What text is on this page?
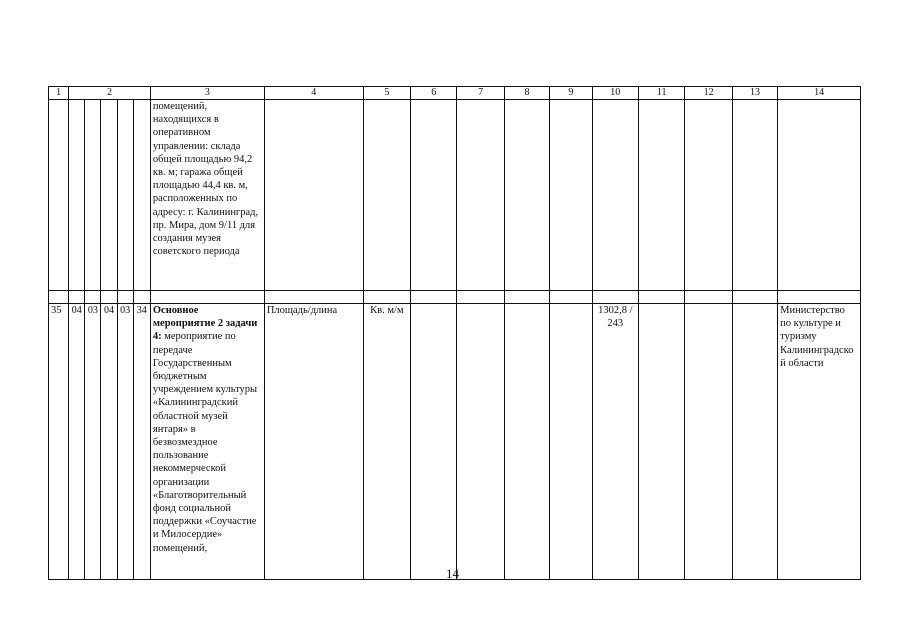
1	2					3	4	5	6	7	8	9	10	11	12	13	14
						помещений, находящихся в оперативном управлении: склада общей площадью 94,2 кв. м; гаража общей площадью 44,4 кв. м, расположенных по адресу: г. Калининград, пр. Мира, дом 9/11 для создания музея советского периода											

35	04	03	04	03	34	Основное мероприятие 2 задачи 4: мероприятие по передаче Государственным бюджетным учреждением культуры «Калининградский областной музей янтаря» в безвозмездное пользование некоммерческой организации «Благотворительный фонд социальной поддержки «Соучастие и Милосердие» помещений,	Площадь/длина	Кв. м/м					1302,8 / 243				Министерство по культуре и туризму Калининградской области
14
